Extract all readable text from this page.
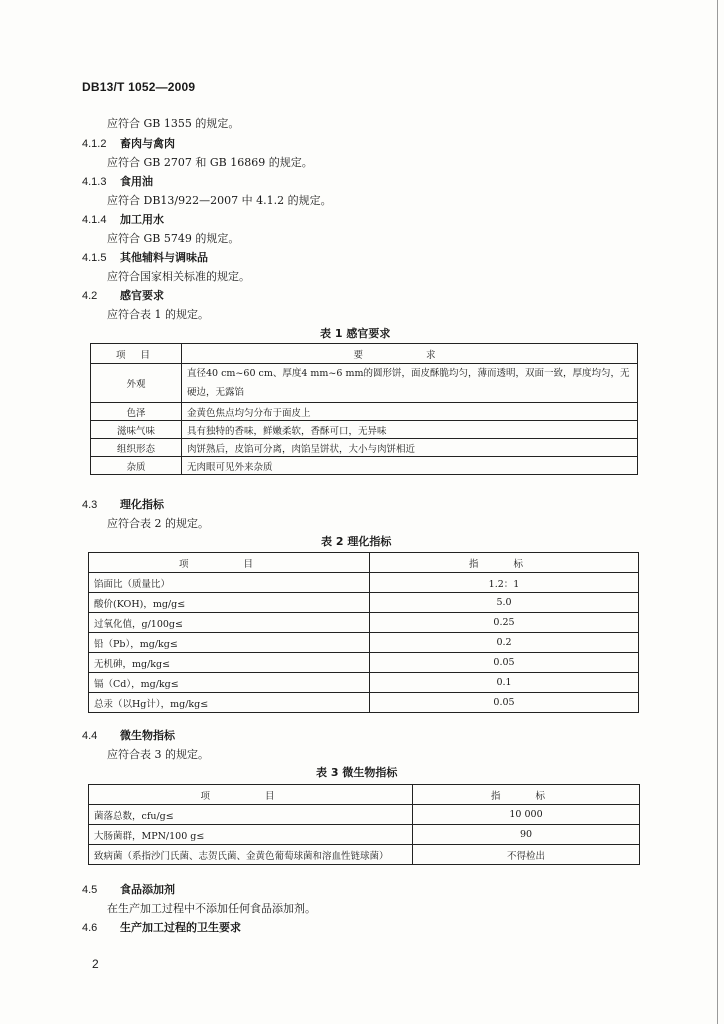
DB13/T 1052—2009
应符合 GB 1355 的规定。
4.1.2 畜肉与禽肉
应符合 GB 2707 和 GB 16869 的规定。
4.1.3 食用油
应符合 DB13/922—2007 中 4.1.2 的规定。
4.1.4 加工用水
应符合 GB 5749 的规定。
4.1.5 其他辅料与调味品
应符合国家相关标准的规定。
4.2 感官要求
应符合表 1 的规定。
表 1 感官要求
项 目	要 求
外观	直径40 cm~60 cm、厚度4 mm~6 mm的圆形饼，面皮酥脆均匀，薄而透明，双面一致，厚度均匀，无硬边，无露馅
色泽	金黄色焦点均匀分布于面皮上
滋味气味	具有独特的香味，鲜嫩柔软，香酥可口，无异味
组织形态	肉饼熟后，皮馅可分离，肉馅呈饼状，大小与肉饼相近
杂质	无肉眼可见外来杂质
4.3 理化指标
应符合表 2 的规定。
表 2 理化指标
项 目	指 标
馅面比（质量比）	1.2：1
酸价(KOH)，mg/g≤	5.0
过氧化值，g/100g≤	0.25
铅（Pb），mg/kg≤	0.2
无机砷，mg/kg≤	0.05
镉（Cd），mg/kg≤	0.1
总汞（以Hg计），mg/kg≤	0.05
4.4 微生物指标
应符合表 3 的规定。
表 3 微生物指标
项 目	指 标
菌落总数，cfu/g≤	10 000
大肠菌群，MPN/100 g≤	90
致病菌（系指沙门氏菌、志贺氏菌、金黄色葡萄球菌和溶血性链球菌）	不得检出
4.5 食品添加剂
在生产加工过程中不添加任何食品添加剂。
4.6 生产加工过程的卫生要求
2
